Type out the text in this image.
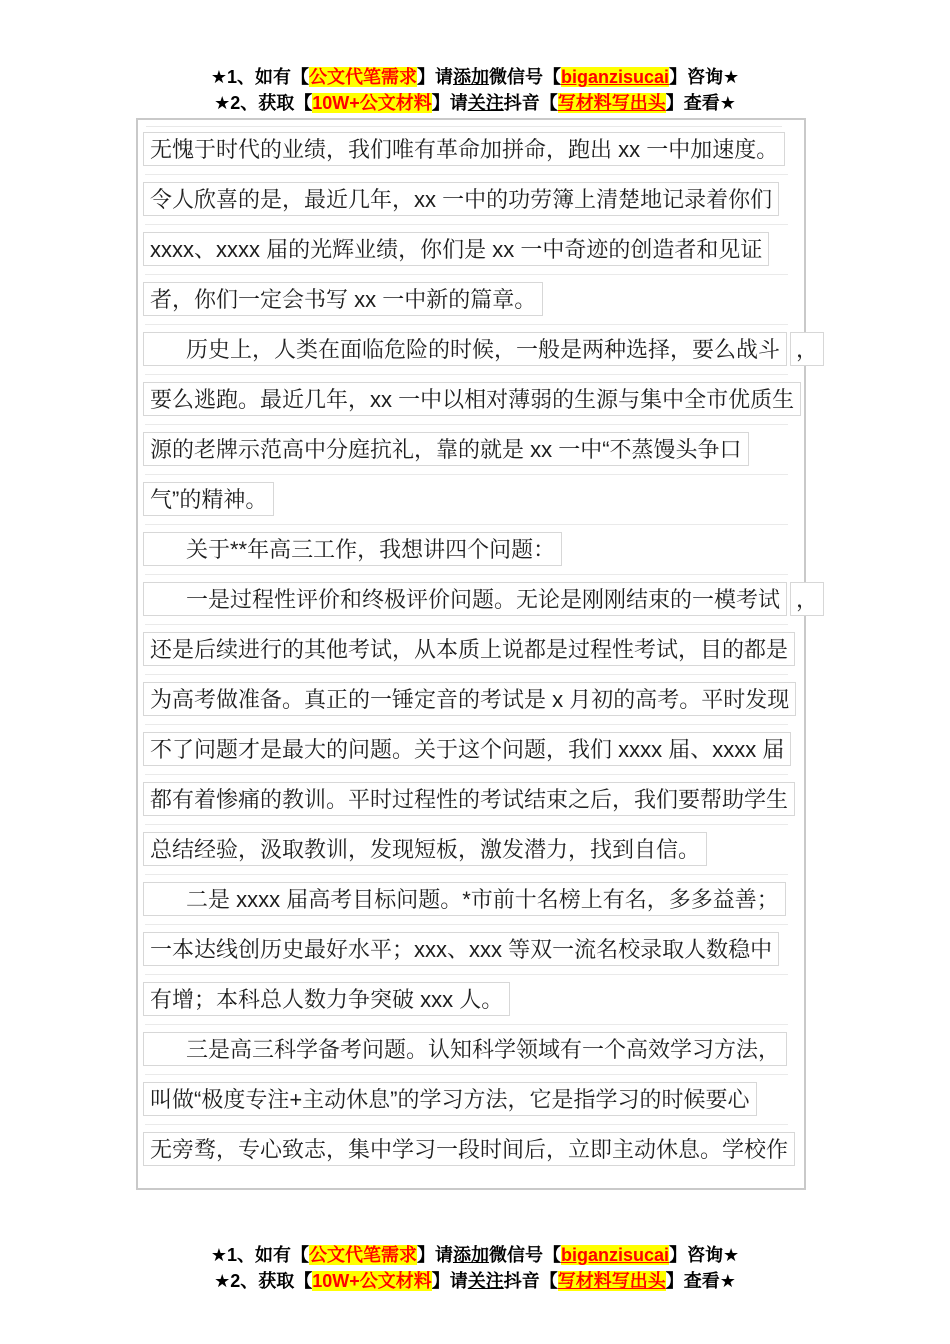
★1、如有【公文代笔需求】请添加微信号【biganzisucai】咨询★
★2、获取【10W+公文材料】请关注抖音【写材料写出头】查看★
无愧于时代的业绩，我们唯有革命加拼命，跑出 xx 一中加速度。
令人欣喜的是，最近几年，xx 一中的功劳簿上清楚地记录着你们
xxxx、xxxx 届的光辉业绩，你们是 xx 一中奇迹的创造者和见证
者，你们一定会书写 xx 一中新的篇章。
历史上，人类在面临危险的时候，一般是两种选择，要么战斗 ，
要么逃跑。最近几年，xx 一中以相对薄弱的生源与集中全市优质生
源的老牌示范高中分庭抗礼，靠的就是 xx 一中“不蒸馒头争口
气”的精神。
关于**年高三工作，我想讲四个问题：
一是过程性评价和终极评价问题。无论是刚刚结束的一模考试 ，
还是后续进行的其他考试，从本质上说都是过程性考试，目的都是
为高考做准备。真正的一锤定音的考试是 x 月初的高考。平时发现
不了问题才是最大的问题。关于这个问题，我们 xxxx 届、xxxx 届
都有着惨痛的教训。平时过程性的考试结束之后，我们要帮助学生
总结经验，汲取教训，发现短板，激发潜力，找到自信。
二是 xxxx 届高考目标问题。*市前十名榜上有名，多多益善；
一本达线创历史最好水平；xxx、xxx 等双一流名校录取人数稳中
有增；本科总人数力争突破 xxx 人。
三是高三科学备考问题。认知科学领域有一个高效学习方法，
叫做“极度专注+主动休息”的学习方法，它是指学习的时候要心
无旁骛，专心致志，集中学习一段时间后，立即主动休息。学校作
★1、如有【公文代笔需求】请添加微信号【biganzisucai】咨询★
★2、获取【10W+公文材料】请关注抖音【写材料写出头】查看★
